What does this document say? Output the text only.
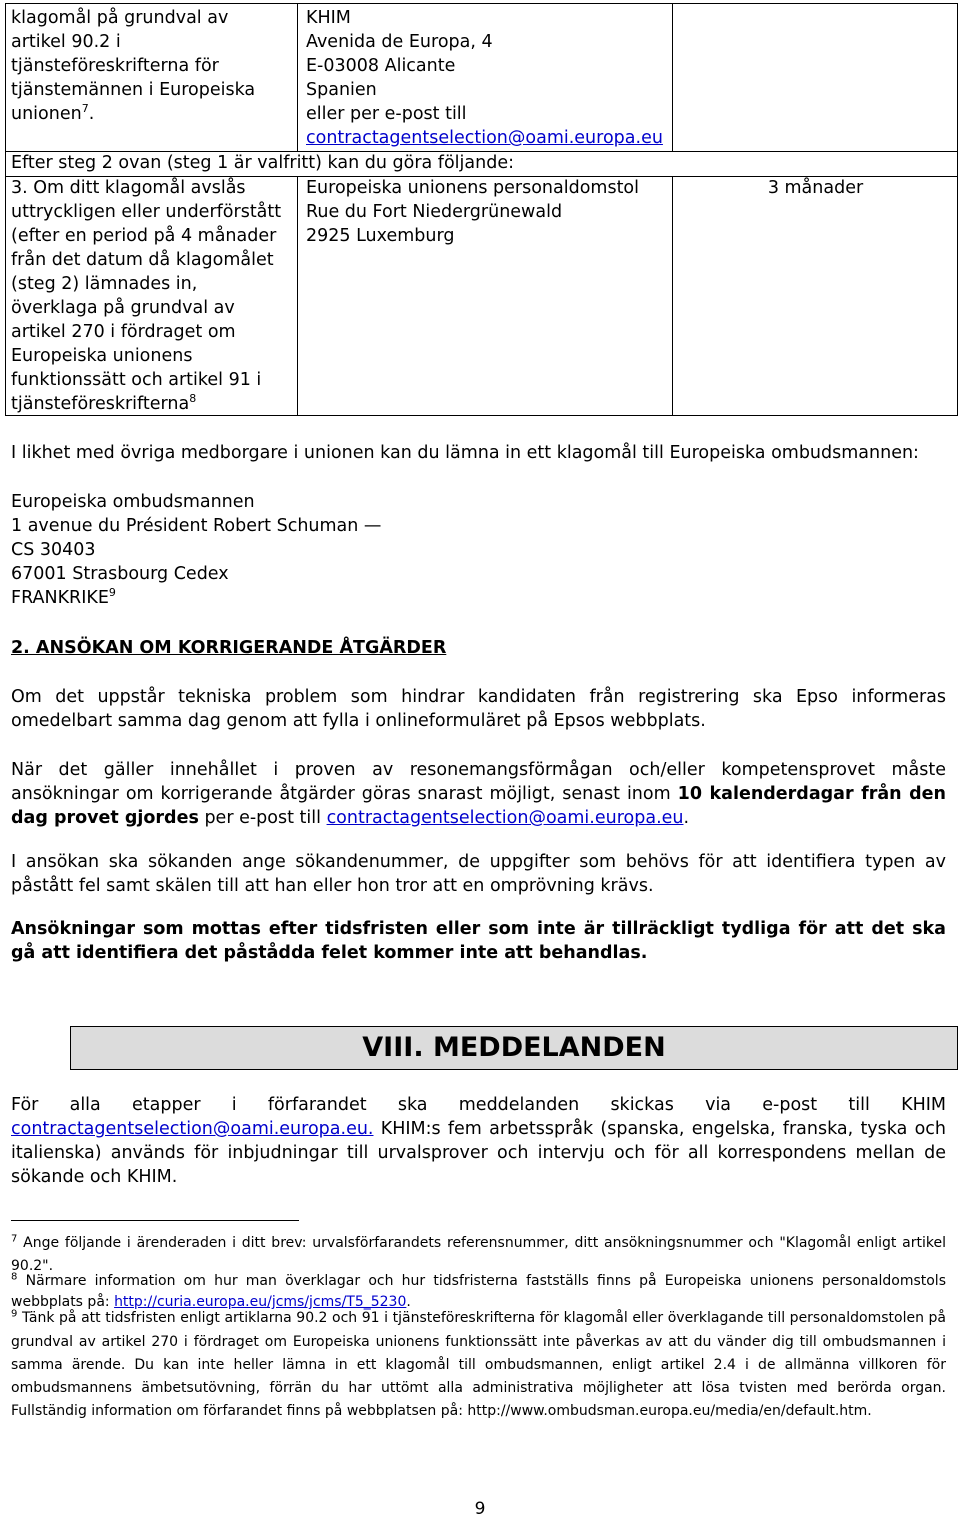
klagomål på grundval av
artikel 90.2 i
tjänsteföreskrifterna för
tjänstemännen i Europeiska
unionen$^7$.
KHIM
Avenida de Europa, 4
E-03008 Alicante
Spanien
eller per e-post till
contractagentselection@oami.europa.eu
Efter steg 2 ovan (steg 1 är valfritt) kan du göra följande:
3. Om ditt klagomål avslås
uttryckligen eller underförstått
(efter en period på 4 månader
från det datum då klagomålet
(steg 2) lämnades in,
överklaga på grundval av
artikel 270 i fördraget om
Europeiska unionens
funktionssätt och artikel 91 i
tjänsteföreskrifterna$^8$
Europeiska unionens personaldomstol
Rue du Fort Niedergrünewald
2925 Luxemburg
3 månader
I likhet med övriga medborgare i unionen kan du lämna in ett klagomål till Europeiska ombudsmannen:
Europeiska ombudsmannen
1 avenue du Président Robert Schuman —
CS 30403
67001 Strasbourg Cedex
FRANKRIKE$^9$
2. ANSÖKAN OM KORRIGERANDE ÅTGÄRDER
Om det uppstår tekniska problem som hindrar kandidaten från registrering ska Epso informeras
omedelbart samma dag genom att fylla i onlineformuläret på Epsos webbplats.
När det gäller innehållet i proven av resonemangsförmågan och/eller kompetensprovet måste
ansökningar om korrigerande åtgärder göras snarast möjligt, senast inom 10 kalenderdagar från den
dag provet gjordes per e-post till contractagentselection@oami.europa.eu.
I ansökan ska sökanden ange sökandenummer, de uppgifter som behövs för att identifiera typen av
påstått fel samt skälen till att han eller hon tror att en omprövning krävs.
Ansökningar som mottas efter tidsfristen eller som inte är tillräckligt tydliga för att det ska
gå att identifiera det påstådda felet kommer inte att behandlas.
VIII. MEDDELANDEN
För alla etapper i förfarandet ska meddelanden skickas via e-post till KHIM
contractagentselection@oami.europa.eu. KHIM:s fem arbetsspråk (spanska, engelska, franska, tyska och
italienska) används för inbjudningar till urvalsprover och intervju och för all korrespondens mellan de
sökande och KHIM.
$^7$ Ange följande i ärenderaden i ditt brev: urvalsförfarandets referensnummer, ditt ansökningsnummer och "Klagomål enligt artikel
90.2".
$^8$ Närmare information om hur man överklagar och hur tidsfristerna fastställs finns på Europeiska unionens personaldomstols
webbplats på: http://curia.europa.eu/jcms/jcms/T5_5230.
$^9$ Tänk på att tidsfristen enligt artiklarna 90.2 och 91 i tjänsteföreskrifterna för klagomål eller överklagande till personaldomstolen på
grundval av artikel 270 i fördraget om Europeiska unionens funktionssätt inte påverkas av att du vänder dig till ombudsmannen i
samma ärende. Du kan inte heller lämna in ett klagomål till ombudsmannen, enligt artikel 2.4 i de allmänna villkoren för
ombudsmannens ämbetsutövning, förrän du har uttömt alla administrativa möjligheter att lösa tvisten med berörda organ.
Fullständig information om förfarandet finns på webbplatsen på: http://www.ombudsman.europa.eu/media/en/default.htm.
9
